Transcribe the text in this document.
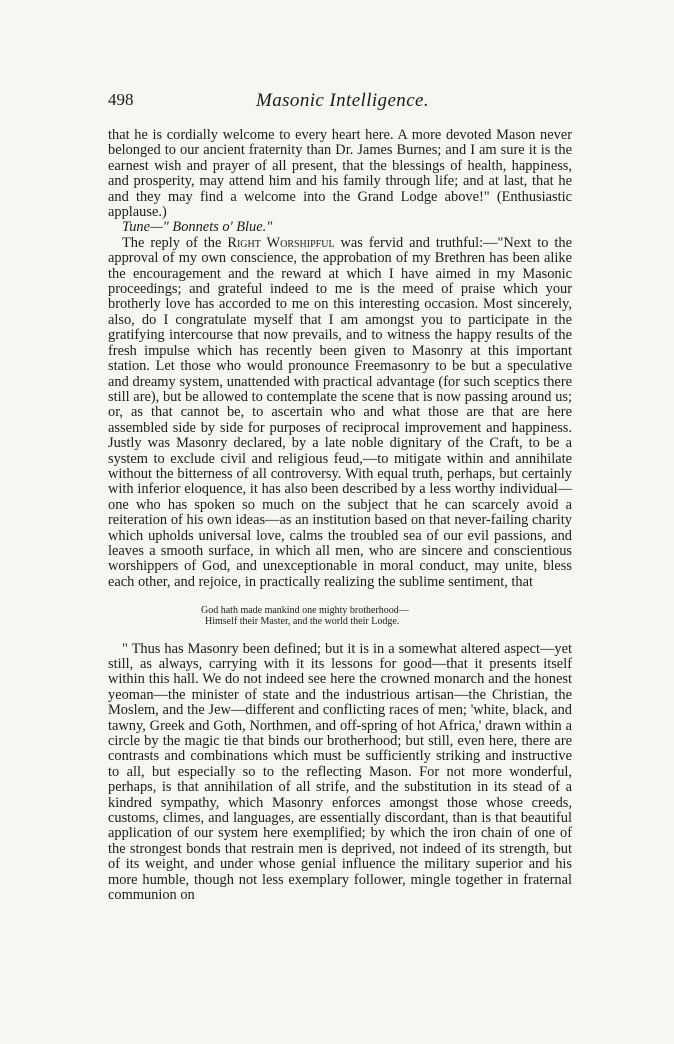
498	Masonic Intelligence.

that he is cordially welcome to every heart here. A more devoted Mason never belonged to our ancient fraternity than Dr. James Burnes; and I am sure it is the earnest wish and prayer of all present, that the blessings of health, happiness, and prosperity, may attend him and his family through life; and at last, that he and they may find a welcome into the Grand Lodge above!" (Enthusiastic applause.)

Tune—" Bonnets o' Blue."

The reply of the Right Worshipful was fervid and truthful:—"Next to the approval of my own conscience, the approbation of my Brethren has been alike the encouragement and the reward at which I have aimed in my Masonic proceedings; and grateful indeed to me is the meed of praise which your brotherly love has accorded to me on this interesting occasion. Most sincerely, also, do I congratulate myself that I am amongst you to participate in the gratifying intercourse that now prevails, and to witness the happy results of the fresh impulse which has recently been given to Masonry at this important station. Let those who would pronounce Freemasonry to be but a speculative and dreamy system, unattended with practical advantage (for such sceptics there still are), but be allowed to contemplate the scene that is now passing around us; or, as that cannot be, to ascertain who and what those are that are here assembled side by side for purposes of reciprocal improvement and happiness. Justly was Masonry declared, by a late noble dignitary of the Craft, to be a system to exclude civil and religious feud,—to mitigate within and annihilate without the bitterness of all controversy. With equal truth, perhaps, but certainly with inferior eloquence, it has also been described by a less worthy individual—one who has spoken so much on the subject that he can scarcely avoid a reiteration of his own ideas—as an institution based on that never-failing charity which upholds universal love, calms the troubled sea of our evil passions, and leaves a smooth surface, in which all men, who are sincere and conscientious worshippers of God, and unexceptionable in moral conduct, may unite, bless each other, and rejoice, in practically realizing the sublime sentiment, that

God hath made mankind one mighty brotherhood—
Himself their Master, and the world their Lodge.

" Thus has Masonry been defined; but it is in a somewhat altered aspect—yet still, as always, carrying with it its lessons for good—that it presents itself within this hall. We do not indeed see here the crowned monarch and the honest yeoman—the minister of state and the industrious artisan—the Christian, the Moslem, and the Jew—different and conflicting races of men; 'white, black, and tawny, Greek and Goth, Northmen, and off-spring of hot Africa,' drawn within a circle by the magic tie that binds our brotherhood; but still, even here, there are contrasts and combinations which must be sufficiently striking and instructive to all, but especially so to the reflecting Mason. For not more wonderful, perhaps, is that annihilation of all strife, and the substitution in its stead of a kindred sympathy, which Masonry enforces amongst those whose creeds, customs, climes, and languages, are essentially discordant, than is that beautiful application of our system here exemplified; by which the iron chain of one of the strongest bonds that restrain men is deprived, not indeed of its strength, but of its weight, and under whose genial influence the military superior and his more humble, though not less exemplary follower, mingle together in fraternal communion on
